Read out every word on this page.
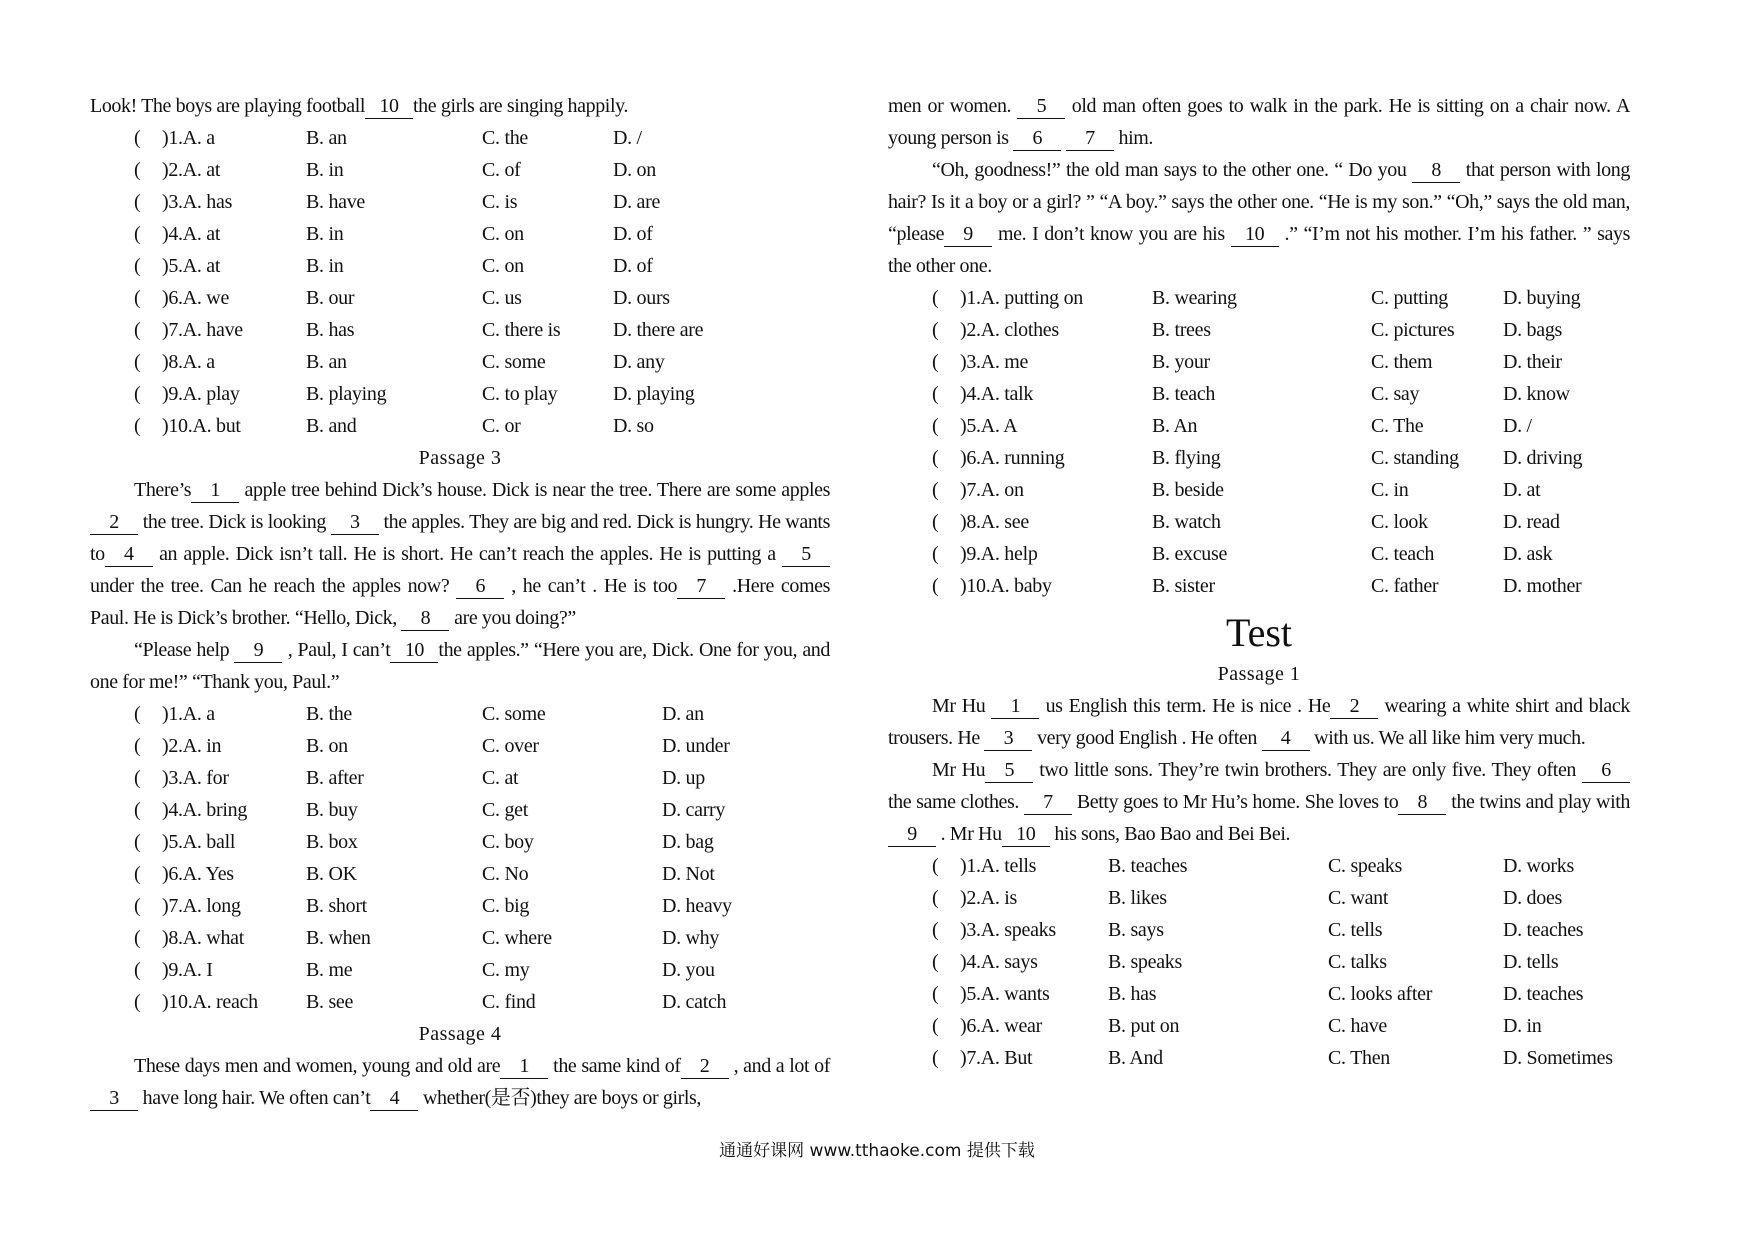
Look! The boys are playing football 10 the girls are singing happily.

( )1.A. a	B. an	C. the	D. /
( )2.A. at	B. in	C. of	D. on
( )3.A. has	B. have	C. is	D. are
( )4.A. at	B. in	C. on	D. of
( )5.A. at	B. in	C. on	D. of
( )6.A. we	B. our	C. us	D. ours
( )7.A. have	B. has	C. there is	D. there are
( )8.A. a	B. an	C. some	D. any
( )9.A. play	B. playing	C. to play	D. playing
( )10.A. but	B. and	C. or	D. so
Passage 3

There’s 1 apple tree behind Dick’s house. Dick is near the tree. There are some apples2 the tree. Dick is looking 3 the apples. They are big and red. Dick is hungry. He wants to 4 an apple. Dick isn’t tall. He is short. He can’t reach the apples. He is putting a 5 under the tree. Can he reach the apples now? 6 , he can’t . He is too 7 .Here comes Paul. He is Dick’s brother. “Hello, Dick, 8 are you doing?”

“Please help 9 , Paul, I can’t 10 the apples.” “Here you are, Dick. One for you, and one for me!” “Thank you, Paul.”

( )1.A. a	B. the	C. some	D. an
( )2.A. in	B. on	C. over	D. under
( )3.A. for	B. after	C. at	D. up
( )4.A. bring	B. buy	C. get	D. carry
( )5.A. ball	B. box	C. boy	D. bag
( )6.A. Yes	B. OK	C. No	D. Not
( )7.A. long	B. short	C. big	D. heavy
( )8.A. what	B. when	C. where	D. why
( )9.A. I	B. me	C. my	D. you
( )10.A. reach B. see	C. find	D. catch
Passage 4

These days men and women, young and old are 1 the same kind of 2 , and a lot of 3 have long hair. We often can’t 4 whether(是否)they are boys or girls,

men or women. 5 old man often goes to walk in the park. He is sitting on a chair now. A young person is 6 7 him.

“Oh, goodness!” the old man says to the other one. “ Do you 8 that person with long hair? Is it a boy or a girl? ” “A boy.” says the other one. “He is my son.” “Oh,” says the old man, “please 9 me. I don’t know you are his 10 .” “I’m not his mother. I’m his father. ” says the other one.

( )1.A. putting on	B. wearing	C. putting	D. buying
( )2.A. clothes	B. trees	C. pictures D. bags
( )3.A. me	B. your	C. them	D. their
( )4.A. talk	B. teach	C. say	D. know
( )5.A. A	B. An	C. The	D. /
( )6.A. running	B. flying	C. standing D. driving
( )7.A. on	B. beside	C. in	D. at
( )8.A. see	B. watch	C. look	D. read
( )9.A. help	B. excuse	C. teach	D. ask
( )10.A. baby	B. sister	C. father	D. mother
Test
Passage 1

Mr Hu 1 us English this term. He is nice . He 2 wearing a white shirt and black trousers. He 3 very good English . He often 4 with us. We all like him very much.

Mr Hu 5 two little sons. They’re twin brothers. They are only five. They often 6 the same clothes. 7 Betty goes to Mr Hu’s home. She loves to 8 the twins and play with9 . Mr Hu 10 his sons, Bao Bao and Bei Bei.

( )1.A. tells	B. teaches	C. speaks	D. works
( )2.A. is	B. likes	C. want	D. does
( )3.A. speaks	B. says	C. tells	D. teaches
( )4.A. says	B. speaks	C. talks	D. tells
( )5.A. wants	B. has	C. looks after	D. teaches
( )6.A. wear	B. put on	C. have	D. in
( )7.A. But	B. And	C. Then	D. Sometimes
通通好课网 www.tthaoke.com 提供下载
